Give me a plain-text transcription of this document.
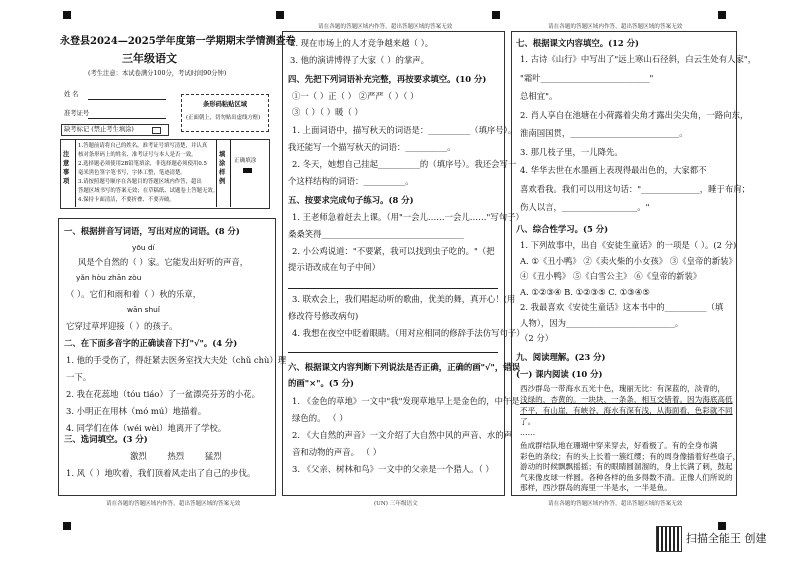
请在各题的答题区域内作答，超出答题区域的答案无效	请在各题的答题区域内作答，超出答题区域的答案无效
永登县2024—2025学年度第一学期期末学情测查卷
三年级语文
(考生注意：本试卷满分100分，考试时间90分钟)
姓 名
准考证号
缺考标记 (禁止考生填涂)
条形码粘贴区域
(正面朝上，切勿贴出虚线方框)
注意事项
1.答题前请将自己的姓名、准考证号填写清楚，并认真
核对条形码上的姓名、准考证号与本人是否一致。
2.选择题必须使用2B铅笔填涂，非选择题必须使用0.5
毫米黑色签字笔书写，字体工整，笔迹清楚。
3.请按照题号顺序在各题目的答题区域内作答，超出
答题区域书写的答案无效；在草稿纸、试题卷上答题无效。
4.保持卡面清洁，不要折叠、不要弄破。
填涂样例
正确填涂
一、根据拼音写词语，写出对应的词语。(8 分)
yōu dí
风是个自然的（ ）家。它能发出好听的声音，
yǎn hòu zhān zòu
（ ）。它们和雨和着（ ）秋的乐章，
wān shuǐ
它穿过草坪迎接（ ）的孩子。
二、在下面多音字的正确读音下打"√"。(4 分)
1. 他的手受伤了，得赶紧去医务室找大夫处（chǔ chù）理
一下。
2. 我在花蕊地（tóu tiáo）了一盆漂亮芬芳的小花。
3. 小明正在用林（mó mú）地描着。
4. 同学们在体（wéi wèi）地离开了学校。
三、选词填空。(3 分)
激烈 热烈 猛烈
1. 风（ ）地吹着，我们顶着风走出了自己的步伐。
请在各题的答题区域内作答，超出答题区域的答案无效
2. 现在市场上的人才竞争越来越（ ）。
3. 他的演讲博得了大家（ ）的掌声。
四、先把下列词语补充完整，再按要求填空。(10 分)
①一（ ）正（ ） ②严严（ ）（ ）
③（ ）（ ）暖（ ）
1. 上面词语中，描写秋天的词语是：__________（填序号）。
我还能写一个描写秋天的词语：__________。
2. 冬天，她想自己挂起__________的（填序号）。我还会写一
个这样结构的词语：__________。
五、按要求完成句子练习。(8 分)
1. 王老师急着赶去上课。（用"一会儿……一会儿……"写句子）
桑桑笑得__________________________________
2. 小公鸡说道："不要紧，我可以找到虫子吃的。"（把
提示语改成在句子中间）
3. 联欢会上，我们唱起动听的歌曲，优美的舞，真开心！(用
修改符号修改病句)
4. 我想在夜空中眨着眼睛。（用对应相同的修辞手法仿写句子）
六、根据课文内容判断下列说法是否正确，正确的画"√"，错误
的画"×"。(5 分)
1. 《金色的草地》一文中"我"发现草地早上是金色的，中午是
绿色的。 （ ）
2. 《大自然的声音》一文介绍了大自然中风的声音、水的声
音和动物的声音。 （ ）
3. 《父亲、树林和鸟》一文中的父亲是一个猎人。（ ）
(UN) 三年级语文
七、根据课文内容填空。(12 分)
1. 古诗《山行》中写出了"远上寒山石径斜，白云生处有人家"，
"霜叶__________________________"
总相宜"。
2. 肖人享自在池塘在小荷露着尖角才露出尖尖角，一路向东，
淮南国国贯，__________________________。
3. 那几枝子里，一儿降先。
4. 华华去世在水墨画上表现得最出色的，大家都不
喜欢看我。我们可以用这句话："______________，睡于布肩；
伤人以言，__________________。"
八、综合性学习。(5 分)
1. 下列故事中，出自《安徒生童话》的一项是（ ）。(2 分)
A. ①《丑小鸭》 ②《卖火柴的小女孩》 ③《皇帝的新装》
④《丑小鸭》 ⑤《白雪公主》 ⑥《皇帝的新装》
A. ①②③④ B. ①②③⑤ C. ①③④⑤
2. 我最喜欢《安徒生童话》这本书中的__________（填
人物），因为__________________________。
（2 分）
九、阅读理解。(23 分)
(一) 课内阅读 (10 分)
西沙群岛一带海水五光十色，瑰丽无比：有深蓝的，淡青的，
浅绿的，杏黄的。一块块、一条条，相互交错着。因为海底高低
不平，有山崖，有峡谷，海水有深有浅，从海面看，色彩就不同
了。
……
鱼成群结队地在珊瑚中穿来穿去，好看极了。有的全身布满
彩色的条纹；有的头上长着一簇红缨；有的周身像插着好些扇子，
游动的时候飘飘摇摇；有的眼睛圆溜溜的，身上长满了刺，鼓起
气来像皮球一样圆。各种各样的鱼多得数不清。正像人们所说的
那样，西沙群岛的海里一半是水，一半是鱼。
请在各题的答题区域内作答，超出答题区域的答案无效
扫描全能王 创建
